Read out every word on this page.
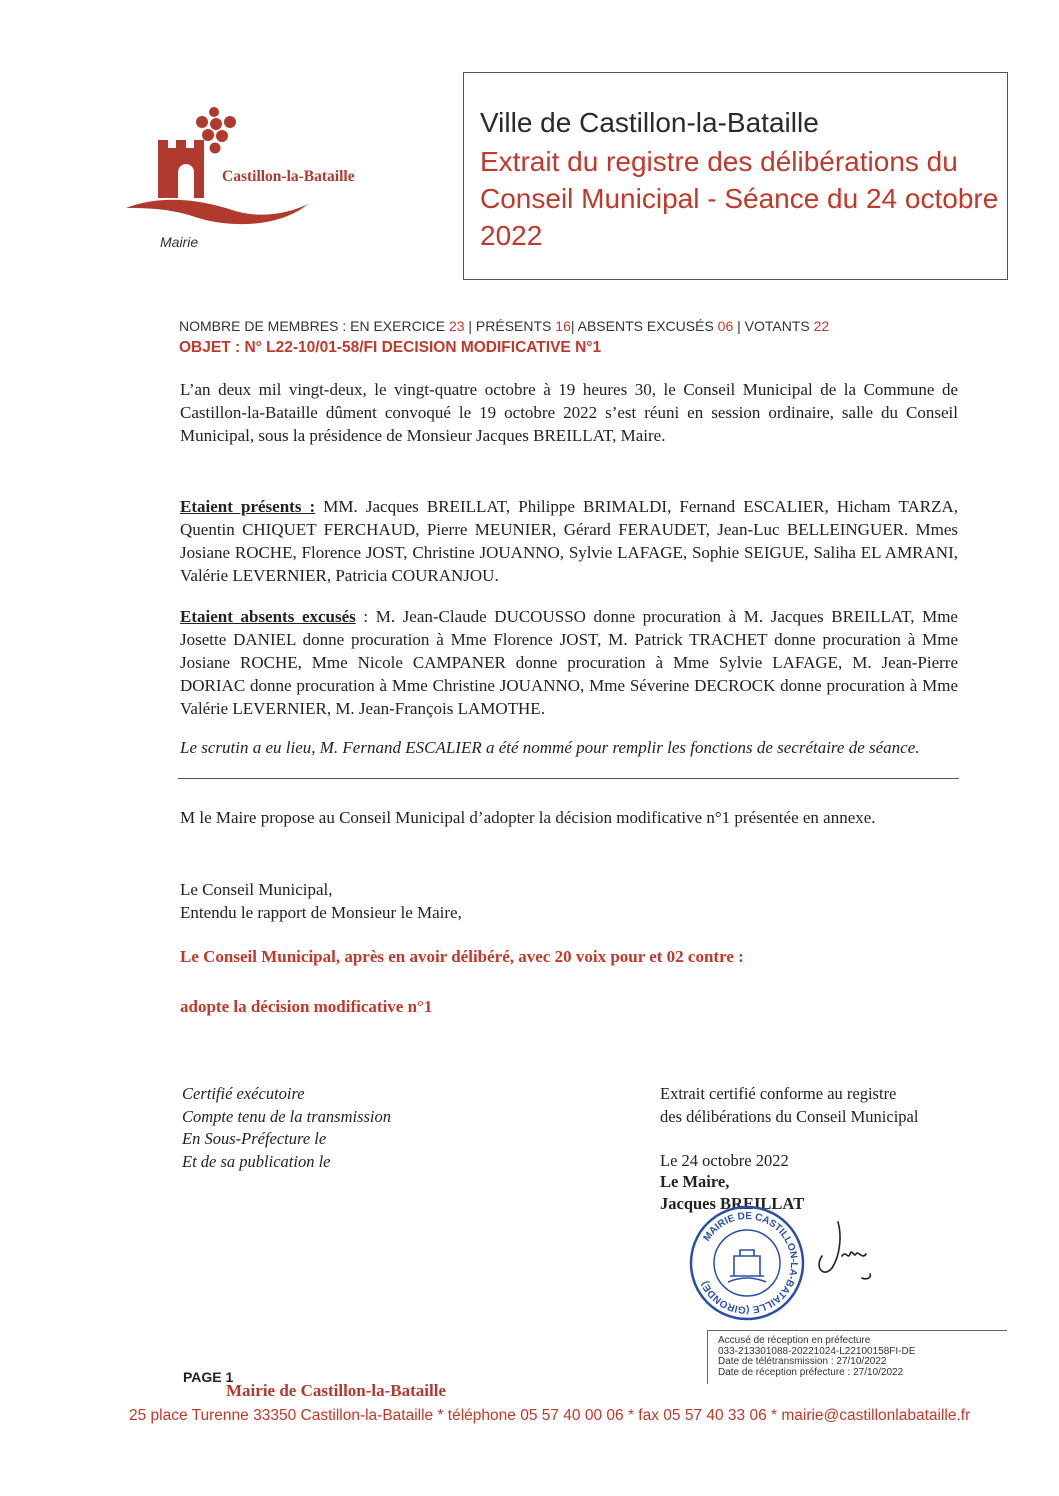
Castillon-la-Bataille
Mairie
Ville de Castillon-la-Bataille
Extrait du registre des délibérations du Conseil Municipal - Séance du 24 octobre 2022
NOMBRE DE MEMBRES : EN EXERCICE 23 | PRÉSENTS 16| ABSENTS EXCUSÉS 06 | VOTANTS 22
OBJET : N° L22-10/01-58/FI DECISION MODIFICATIVE N°1
L’an deux mil vingt-deux, le vingt-quatre octobre à 19 heures 30, le Conseil Municipal de la Commune de Castillon-la-Bataille dûment convoqué le 19 octobre 2022 s’est réuni en session ordinaire, salle du Conseil Municipal, sous la présidence de Monsieur Jacques BREILLAT, Maire.
Etaient présents : MM. Jacques BREILLAT, Philippe BRIMALDI, Fernand ESCALIER, Hicham TARZA, Quentin CHIQUET FERCHAUD, Pierre MEUNIER, Gérard FERAUDET, Jean-Luc BELLEINGUER. Mmes Josiane ROCHE, Florence JOST, Christine JOUANNO, Sylvie LAFAGE, Sophie SEIGUE, Saliha EL AMRANI, Valérie LEVERNIER, Patricia COURANJOU.
Etaient absents excusés : M. Jean-Claude DUCOUSSO donne procuration à M. Jacques BREILLAT, Mme Josette DANIEL donne procuration à Mme Florence JOST, M. Patrick TRACHET donne procuration à Mme Josiane ROCHE, Mme Nicole CAMPANER donne procuration à Mme Sylvie LAFAGE, M. Jean-Pierre DORIAC donne procuration à Mme Christine JOUANNO, Mme Séverine DECROCK donne procuration à Mme Valérie LEVERNIER, M. Jean-François LAMOTHE.
Le scrutin a eu lieu, M. Fernand ESCALIER a été nommé pour remplir les fonctions de secrétaire de séance.
M le Maire propose au Conseil Municipal d’adopter la décision modificative n°1 présentée en annexe.
Le Conseil Municipal,
Entendu le rapport de Monsieur le Maire,
Le Conseil Municipal, après en avoir délibéré, avec 20 voix pour et 02 contre :
adopte la décision modificative n°1
Certifié exécutoire
Compte tenu de la transmission
En Sous-Préfecture le
Et de sa publication le
Extrait certifié conforme au registre
des délibérations du Conseil Municipal
Le 24 octobre 2022
Le Maire,
Jacques BREILLAT
MAIRIE DE CASTILLON-LA-BATAILLE (GIRONDE)
Accusé de réception en préfecture
033-213301088-20221024-L22100158FI-DE
Date de télétransmission : 27/10/2022
Date de réception préfecture : 27/10/2022
PAGE 1
Mairie de Castillon-la-Bataille
25 place Turenne 33350 Castillon-la-Bataille * téléphone 05 57 40 00 06 * fax 05 57 40 33 06 * mairie@castillonlabataille.fr
